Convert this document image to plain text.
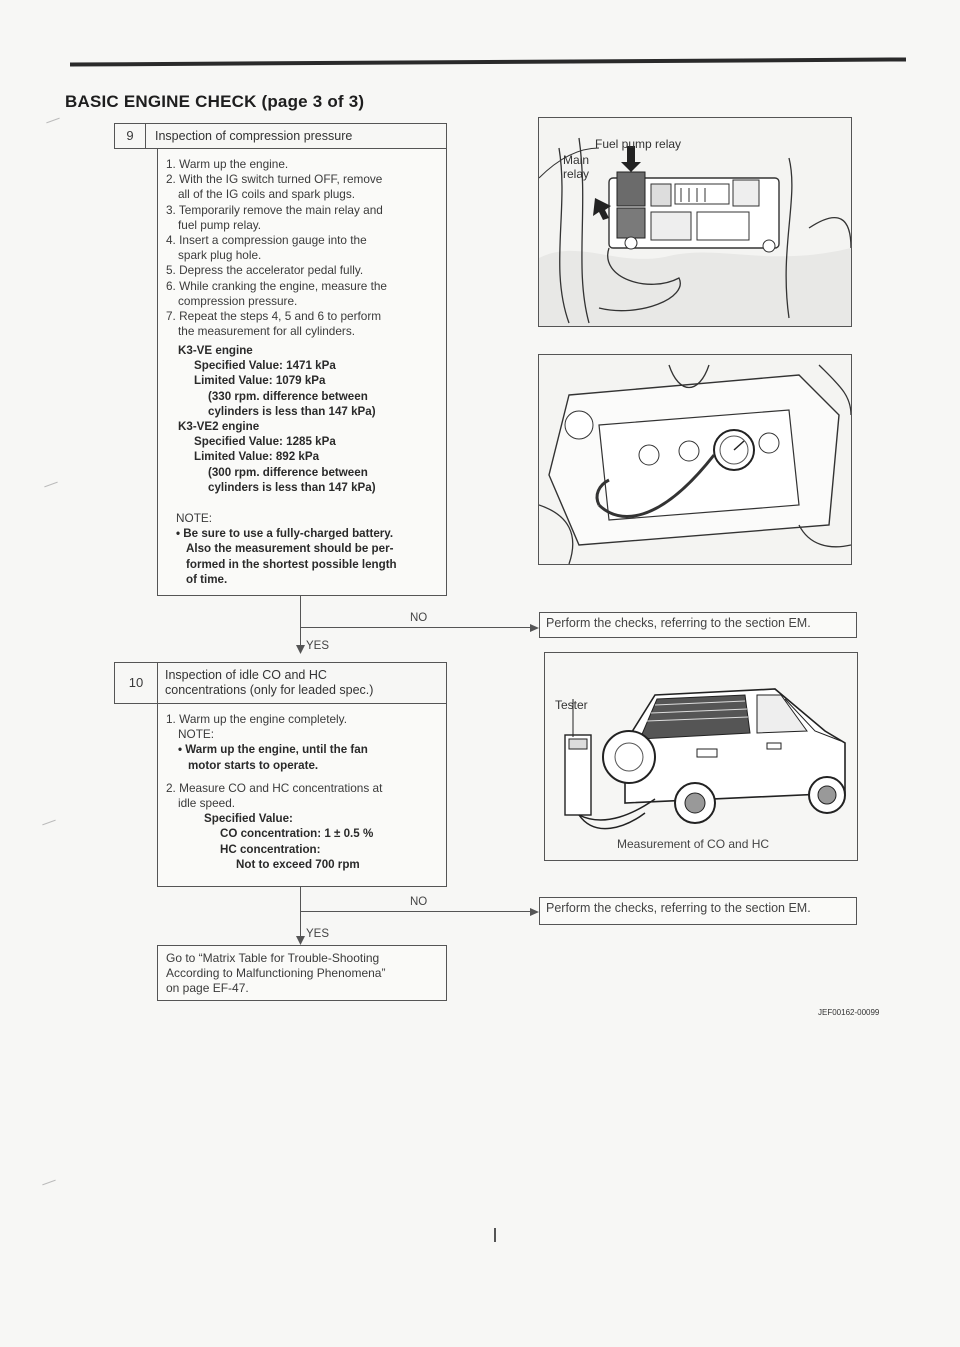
BASIC ENGINE CHECK (page 3 of 3)
9	Inspection of compression pressure
1. Warm up the engine.
2. With the IG switch turned OFF, remove
all of the IG coils and spark plugs.
3. Temporarily remove the main relay and
fuel pump relay.
4. Insert a compression gauge into the
spark plug hole.
5. Depress the accelerator pedal fully.
6. While cranking the engine, measure the
compression pressure.
7. Repeat the steps 4, 5 and 6 to perform
the measurement for all cylinders.
K3-VE engine
Specified Value: 1471 kPa
Limited Value: 1079 kPa
(330 rpm. difference between
cylinders is less than 147 kPa)
K3-VE2 engine
Specified Value: 1285 kPa
Limited Value: 892 kPa
(300 rpm. difference between
cylinders is less than 147 kPa)
NOTE:
• Be sure to use a fully-charged battery.
Also the measurement should be per-
formed in the shortest possible length
of time.
NO
YES
Perform the checks, referring to the section EM.
Fuel pump relay
Main
relay
10	Inspection of idle CO and HC
concentrations (only for leaded spec.)
1. Warm up the engine completely.
NOTE:
• Warm up the engine, until the fan
motor starts to operate.
2. Measure CO and HC concentrations at
idle speed.
Specified Value:
CO concentration: 1 ± 0.5 %
HC concentration:
Not to exceed 700 rpm
NO
YES
Perform the checks, referring to the section EM.
Tester
Measurement of CO and HC
Go to “Matrix Table for Trouble-Shooting
According to Malfunctioning Phenomena”
on page EF-47.
JEF00162-00099
